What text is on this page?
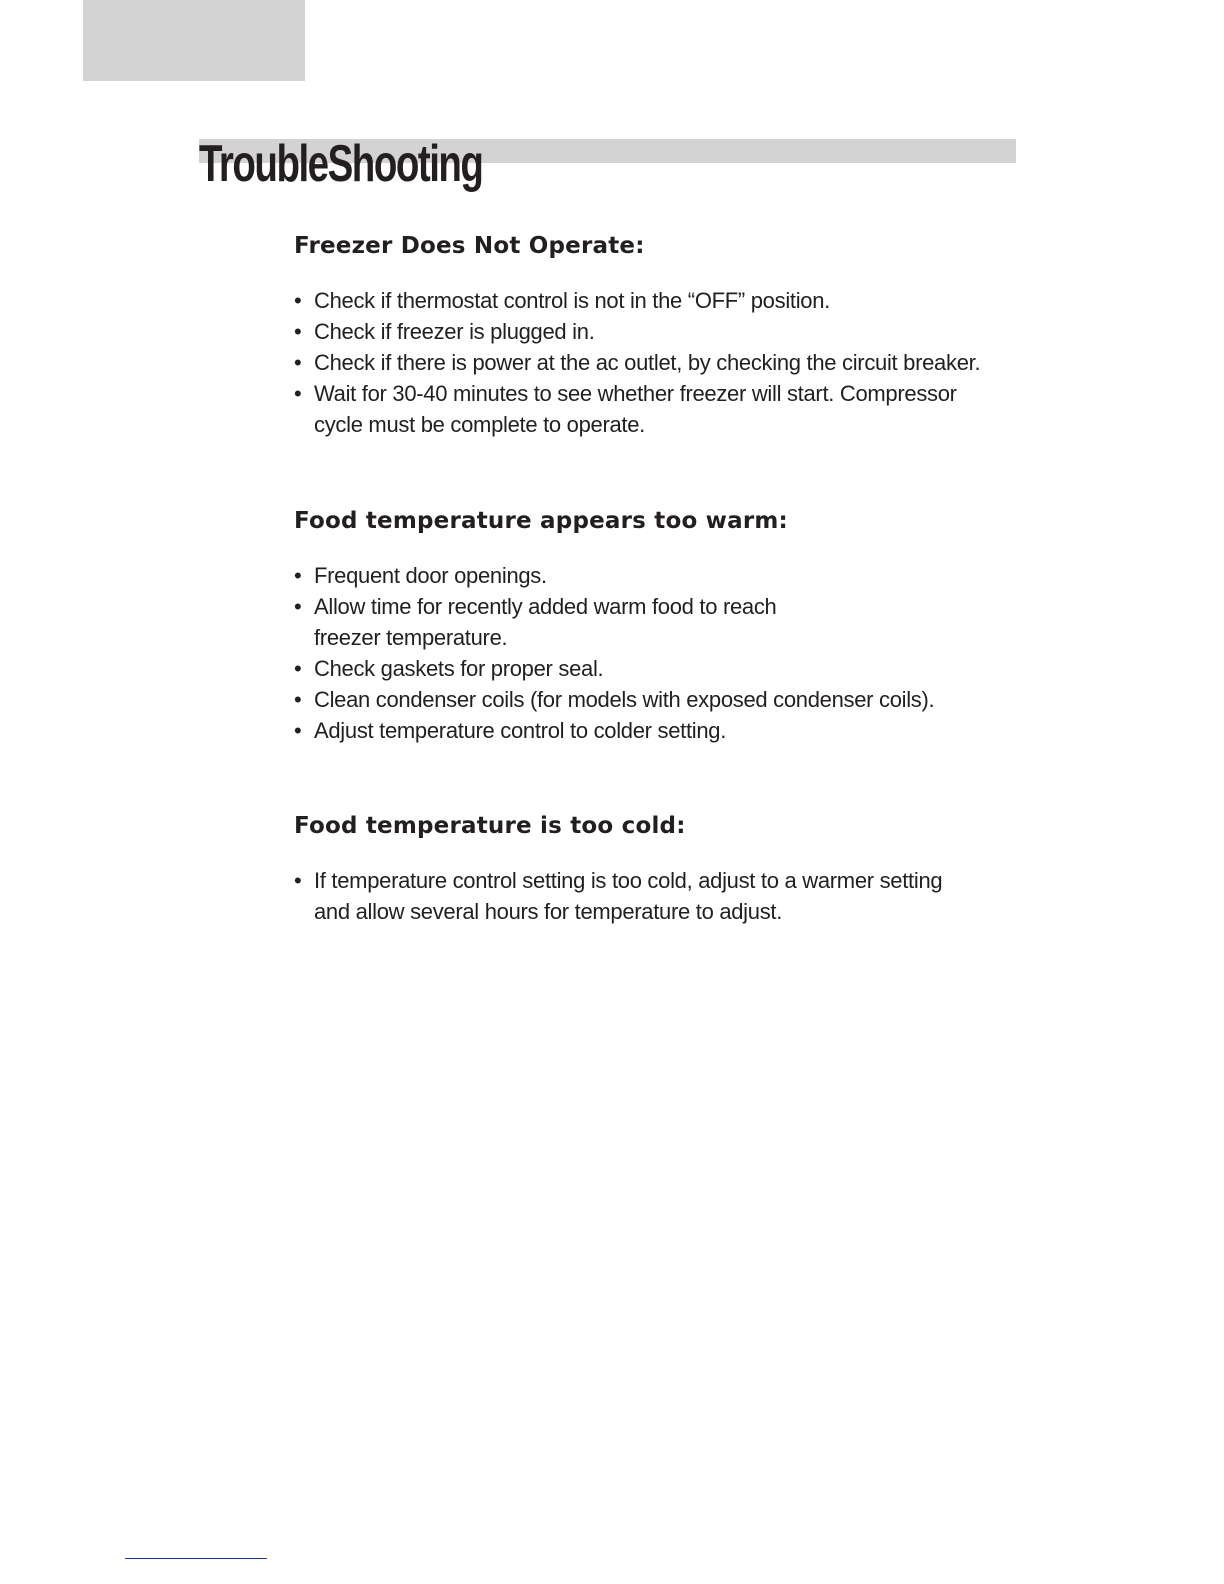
TroubleShooting
Freezer Does Not Operate:
• Check if thermostat control is not in the “OFF” position.
• Check if freezer is plugged in.
• Check if there is power at the ac outlet, by checking the circuit breaker.
• Wait for 30-40 minutes to see whether freezer will start. Compressor cycle must be complete to operate.
Food temperature appears too warm:
• Frequent door openings.
• Allow time for recently added warm food to reach freezer temperature.
• Check gaskets for proper seal.
• Clean condenser coils (for models with exposed condenser coils).
• Adjust temperature control to colder setting.
Food temperature is too cold:
• If temperature control setting is too cold, adjust to a warmer setting and allow several hours for temperature to adjust.
